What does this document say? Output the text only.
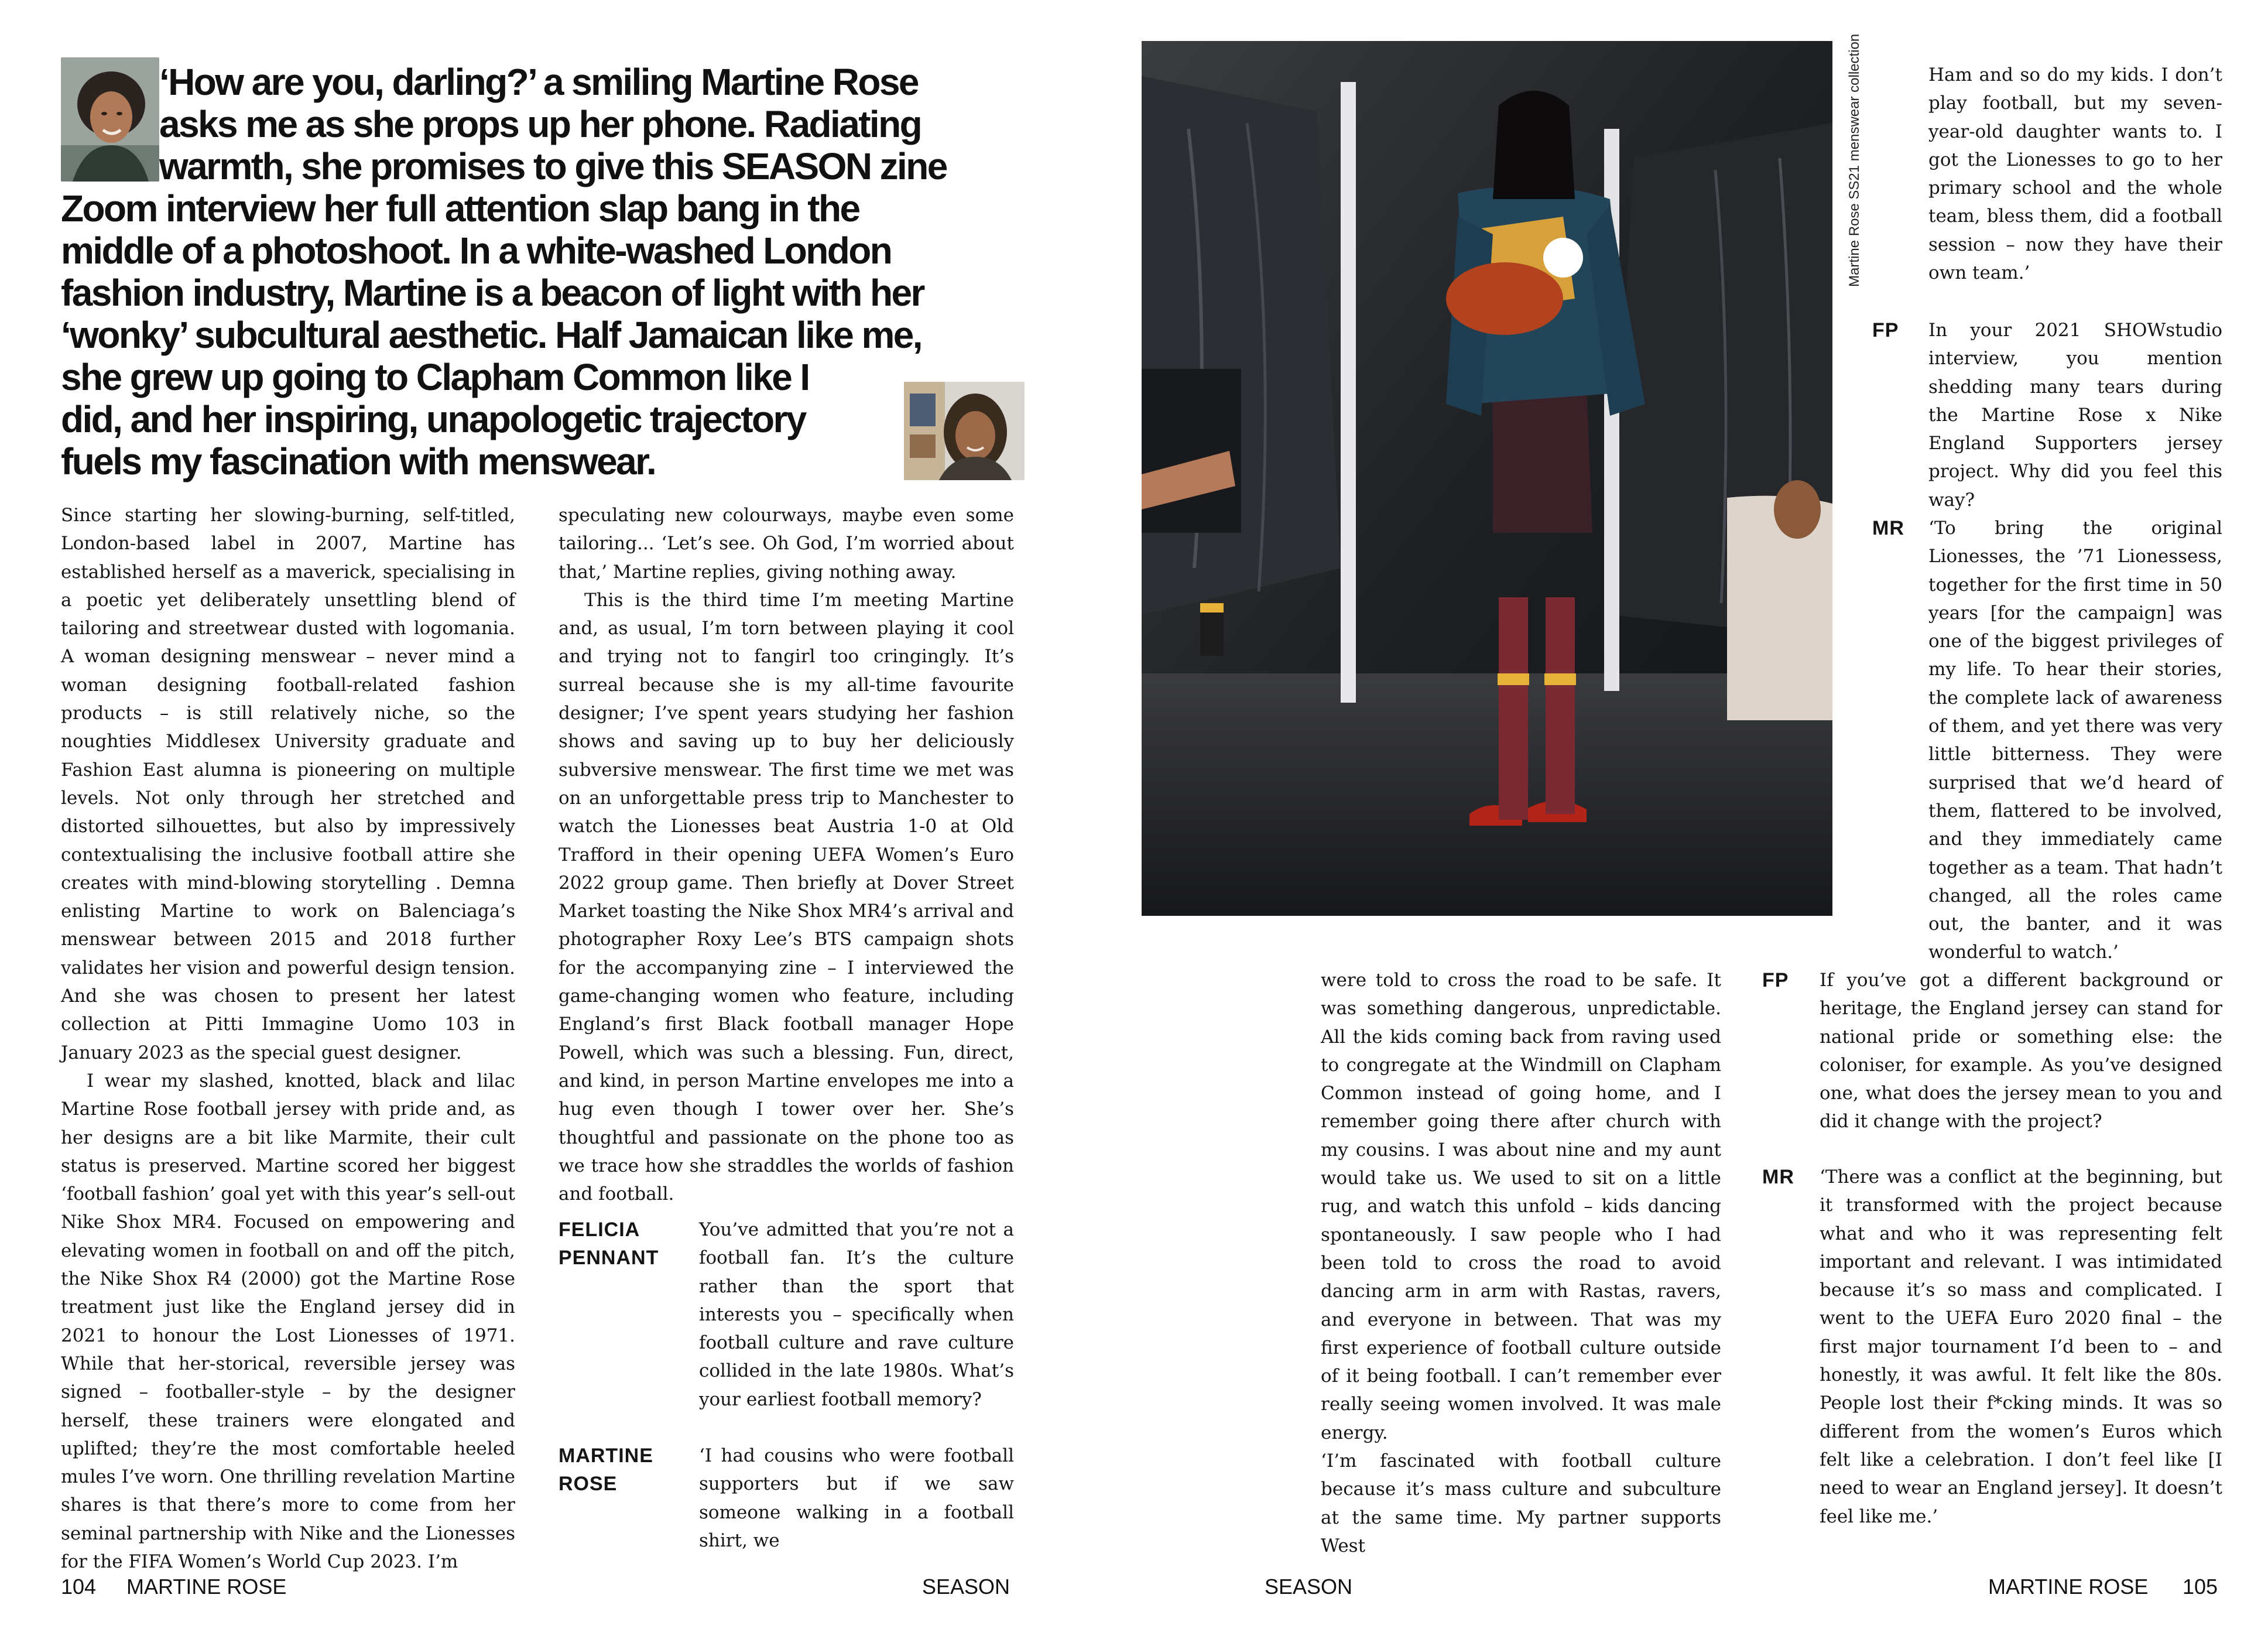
‘How are you, darling?’ a smiling Martine Rose
asks me as she props up her phone. Radiating
warmth, she promises to give this SEASON zine
Zoom interview her full attention slap bang in the
middle of a photoshoot. In a white-washed London
fashion industry, Martine is a beacon of light with her
‘wonky’ subcultural aesthetic. Half Jamaican like me,
she grew up going to Clapham Common like I
did, and her inspiring, unapologetic trajectory
fuels my fascination with menswear.

Since starting her slowing-burning, self-titled, London-based label in 2007, Martine has established herself as a maverick, specialising in a poetic yet deliberately unsettling blend of tailoring and streetwear dusted with logomania. A woman designing menswear – never mind a woman designing football-related fashion products – is still relatively niche, so the noughties Middlesex University graduate and Fashion East alumna is pioneering on multiple levels. Not only through her stretched and distorted silhouettes, but also by impressively contextualising the inclusive football attire she creates with mind-blowing storytelling . Demna enlisting Martine to work on Balenciaga’s menswear between 2015 and 2018 further validates her vision and powerful design tension. And she was chosen to present her latest collection at Pitti Immagine Uomo 103 in January 2023 as the special guest designer.

I wear my slashed, knotted, black and lilac Martine Rose football jersey with pride and, as her designs are a bit like Marmite, their cult status is preserved. Martine scored her biggest ‘football fashion’ goal yet with this year’s sell-out Nike Shox MR4. Focused on empowering and elevating women in football on and off the pitch, the Nike Shox R4 (2000) got the Martine Rose treatment just like the England jersey did in 2021 to honour the Lost Lionesses of 1971. While that her-storical, reversible jersey was signed – footballer-style – by the designer herself, these trainers were elongated and uplifted; they’re the most comfortable heeled mules I’ve worn. One thrilling revelation Martine shares is that there’s more to come from her seminal partnership with Nike and the Lionesses for the FIFA Women’s World Cup 2023. I’m

speculating new colourways, maybe even some tailoring... ‘Let’s see. Oh God, I’m worried about that,’ Martine replies, giving nothing away.

This is the third time I’m meeting Martine and, as usual, I’m torn between playing it cool and trying not to fangirl too cringingly. It’s surreal because she is my all-time favourite designer; I’ve spent years studying her fashion shows and saving up to buy her deliciously subversive menswear. The first time we met was on an unforgettable press trip to Manchester to watch the Lionesses beat Austria 1-0 at Old Trafford in their opening UEFA Women’s Euro 2022 group game. Then briefly at Dover Street Market toasting the Nike Shox MR4’s arrival and photographer Roxy Lee’s BTS campaign shots for the accompanying zine – I interviewed the game-changing women who feature, including England’s first Black football manager Hope Powell, which was such a blessing. Fun, direct, and kind, in person Martine envelopes me into a hug even though I tower over her. She’s thoughtful and passionate on the phone too as we trace how she straddles the worlds of fashion and football.

FELICIA
PENNANT

You’ve admitted that you’re not a football fan. It’s the culture rather than the sport that interests you – specifically when football culture and rave culture collided in the late 1980s. What’s your earliest football memory?

MARTINE
ROSE

‘I had cousins who were football supporters but if we saw someone walking in a football shirt, we

104 MARTINE ROSE	SEASON
Martine Rose SS21 menswear collection	Ham and so do my kids. I don’t play football, but my seven-year-old daughter wants to. I got the Lionesses to go to her primary school and the whole team, bless them, did a football session – now they have their own team.’

FP In your 2021 SHOWstudio interview, you mention shedding many tears during the Martine Rose x Nike England Supporters jersey project. Why did you feel this way?

MR ‘To bring the original Lionesses, the ’71 Lionessess, together for the first time in 50 years [for the campaign] was one of the biggest privileges of my life. To hear their stories, the complete lack of awareness of them, and yet there was very little bitterness. They were surprised that we’d heard of them, flattered to be involved, and they immediately came together as a team. That hadn’t changed, all the roles came out, the banter, and it was wonderful to watch.’

were told to cross the road to be safe. It was something dangerous, unpredictable. All the kids coming back from raving used to congregate at the Windmill on Clapham Common instead of going home, and I remember going there after church with my cousins. I was about nine and my aunt would take us. We used to sit on a little rug, and watch this unfold – kids dancing spontaneously. I saw people who I had been told to cross the road to avoid dancing arm in arm with Rastas, ravers, and everyone in between. That was my first experience of football culture outside of it being football. I can’t remember ever really seeing women involved. It was male energy.

‘I’m fascinated with football culture because it’s mass culture and subculture at the same time. My partner supports West

FP If you’ve got a different background or heritage, the England jersey can stand for national pride or something else: the coloniser, for example. As you’ve designed one, what does the jersey mean to you and did it change with the project?

MR ‘There was a conflict at the beginning, but it transformed with the project because what and who it was representing felt important and relevant. I was intimidated because it’s so mass and complicated. I went to the UEFA Euro 2020 final – the first major tournament I’d been to – and honestly, it was awful. It felt like the 80s. People lost their f*cking minds. It was so different from the women’s Euros which felt like a celebration. I don’t feel like [I need to wear an England jersey]. It doesn’t feel like me.’

SEASON	MARTINE ROSE 105
